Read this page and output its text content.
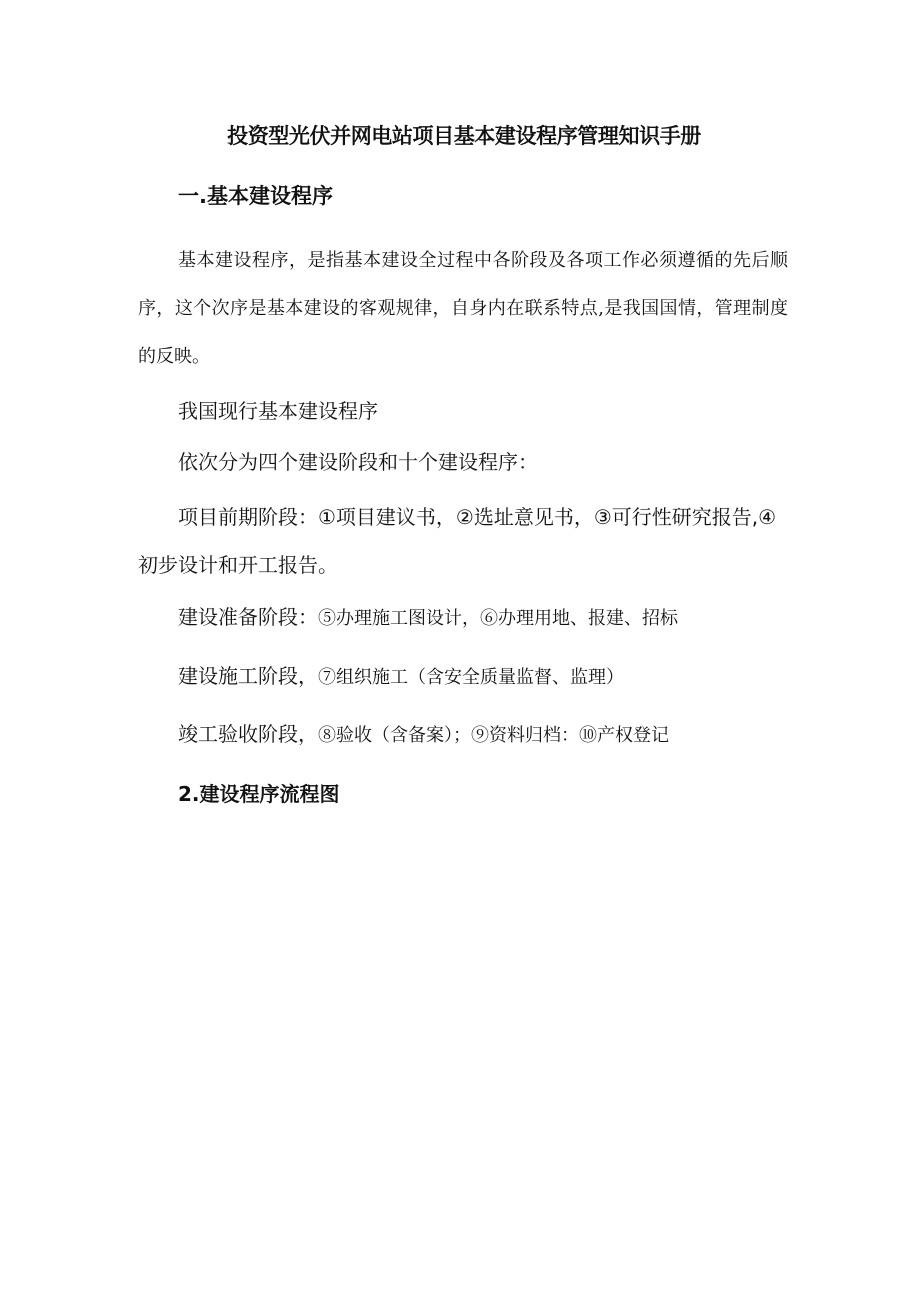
投资型光伏并网电站项目基本建设程序管理知识手册
一.基本建设程序

基本建设程序，是指基本建设全过程中各阶段及各项工作必须遵循的先后顺序，这个次序是基本建设的客观规律，自身内在联系特点,是我国国情，管理制度的反映。

我国现行基本建设程序
依次分为四个建设阶段和十个建设程序：

项目前期阶段：①项目建议书，②选址意见书，③可行性研究报告,④初步设计和开工报告。

建设准备阶段：⑤办理施工图设计，⑥办理用地、报建、招标
建设施工阶段，⑦组织施工（含安全质量监督、监理）
竣工验收阶段，⑧验收（含备案）；⑨资料归档：⑩产权登记
2.建设程序流程图
